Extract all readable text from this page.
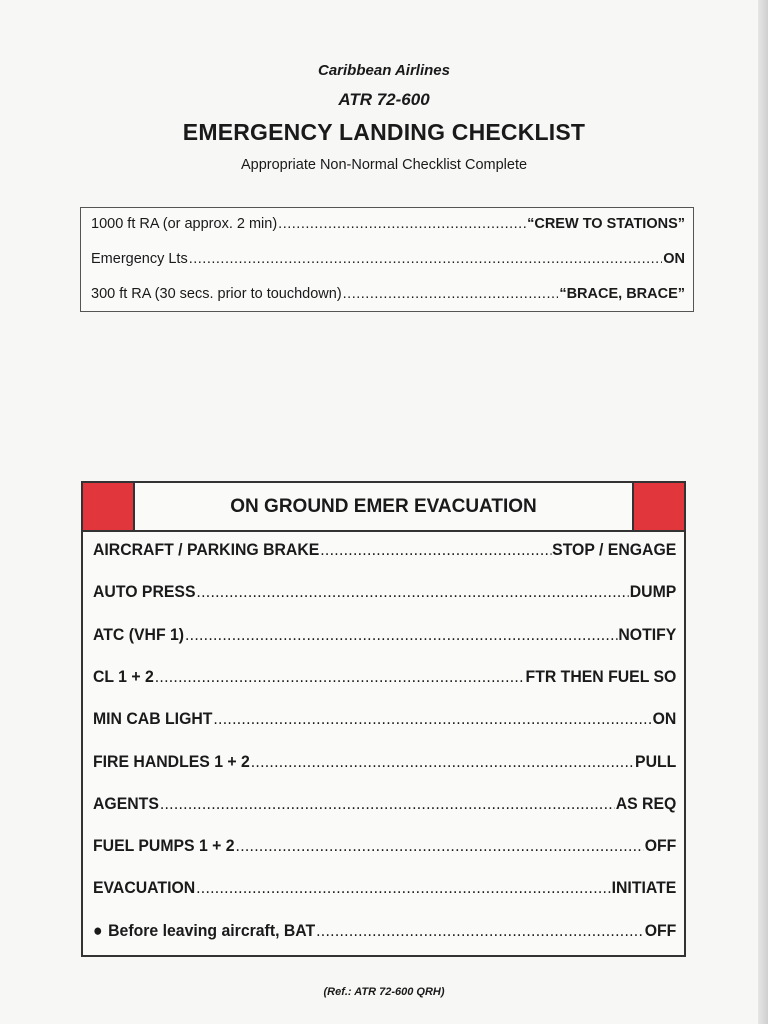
Caribbean Airlines
ATR 72-600
EMERGENCY LANDING CHECKLIST
Appropriate Non-Normal Checklist Complete
1000 ft RA (or approx. 2 min) .....	“CREW TO STATIONS”
Emergency Lts .....	ON
300 ft RA (30 secs. prior to touchdown) .....	“BRACE, BRACE”
ON GROUND EMER EVACUATION
AIRCRAFT / PARKING BRAKE .....	STOP / ENGAGE
AUTO PRESS .....	DUMP
ATC (VHF 1) .....	NOTIFY
CL 1 + 2 .....	FTR THEN FUEL SO
MIN CAB LIGHT .....	ON
FIRE HANDLES 1 + 2 .....	PULL
AGENTS .....	AS REQ
FUEL PUMPS 1 + 2 .....	OFF
EVACUATION .....	INITIATE
● Before leaving aircraft, BAT .....	OFF
(Ref.: ATR 72-600 QRH)
